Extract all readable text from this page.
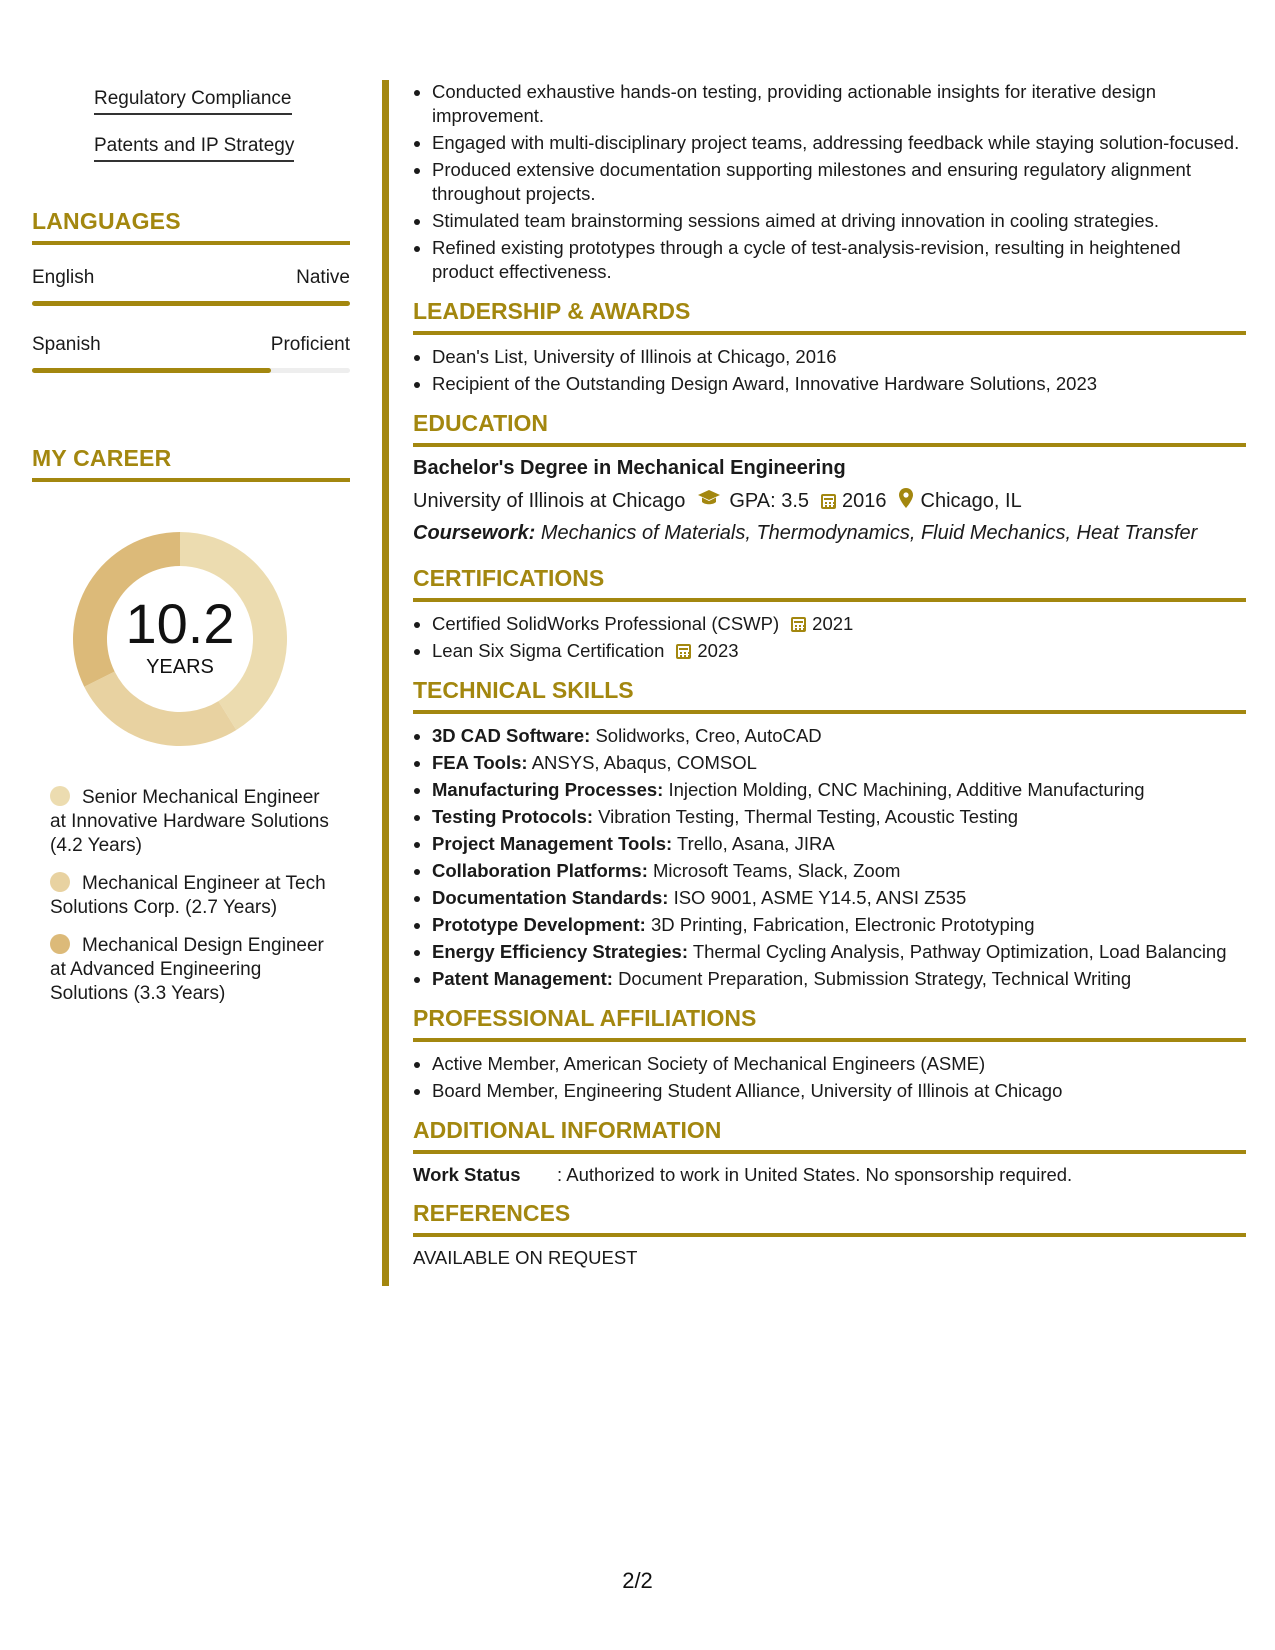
Regulatory Compliance
Patents and IP Strategy
LANGUAGES
English	Native
Spanish	Proficient
MY CAREER
10.2
YEARS
Senior Mechanical Engineer at Innovative Hardware Solutions (4.2 Years)
Mechanical Engineer at Tech Solutions Corp. (2.7 Years)
Mechanical Design Engineer at Advanced Engineering Solutions (3.3 Years)
• Conducted exhaustive hands-on testing, providing actionable insights for iterative design improvement.
• Engaged with multi-disciplinary project teams, addressing feedback while staying solution-focused.
• Produced extensive documentation supporting milestones and ensuring regulatory alignment throughout projects.
• Stimulated team brainstorming sessions aimed at driving innovation in cooling strategies.
• Refined existing prototypes through a cycle of test-analysis-revision, resulting in heightened product effectiveness.
LEADERSHIP & AWARDS
• Dean's List, University of Illinois at Chicago, 2016
• Recipient of the Outstanding Design Award, Innovative Hardware Solutions, 2023
EDUCATION
Bachelor's Degree in Mechanical Engineering
University of Illinois at Chicago GPA: 3.5 2016 Chicago, IL
Coursework: Mechanics of Materials, Thermodynamics, Fluid Mechanics, Heat Transfer
CERTIFICATIONS
• Certified SolidWorks Professional (CSWP) 2021
• Lean Six Sigma Certification 2023
TECHNICAL SKILLS
• 3D CAD Software: Solidworks, Creo, AutoCAD
• FEA Tools: ANSYS, Abaqus, COMSOL
• Manufacturing Processes: Injection Molding, CNC Machining, Additive Manufacturing
• Testing Protocols: Vibration Testing, Thermal Testing, Acoustic Testing
• Project Management Tools: Trello, Asana, JIRA
• Collaboration Platforms: Microsoft Teams, Slack, Zoom
• Documentation Standards: ISO 9001, ASME Y14.5, ANSI Z535
• Prototype Development: 3D Printing, Fabrication, Electronic Prototyping
• Energy Efficiency Strategies: Thermal Cycling Analysis, Pathway Optimization, Load Balancing
• Patent Management: Document Preparation, Submission Strategy, Technical Writing
PROFESSIONAL AFFILIATIONS
• Active Member, American Society of Mechanical Engineers (ASME)
• Board Member, Engineering Student Alliance, University of Illinois at Chicago
ADDITIONAL INFORMATION
Work Status	: Authorized to work in United States. No sponsorship required.
REFERENCES
AVAILABLE ON REQUEST
2/2
